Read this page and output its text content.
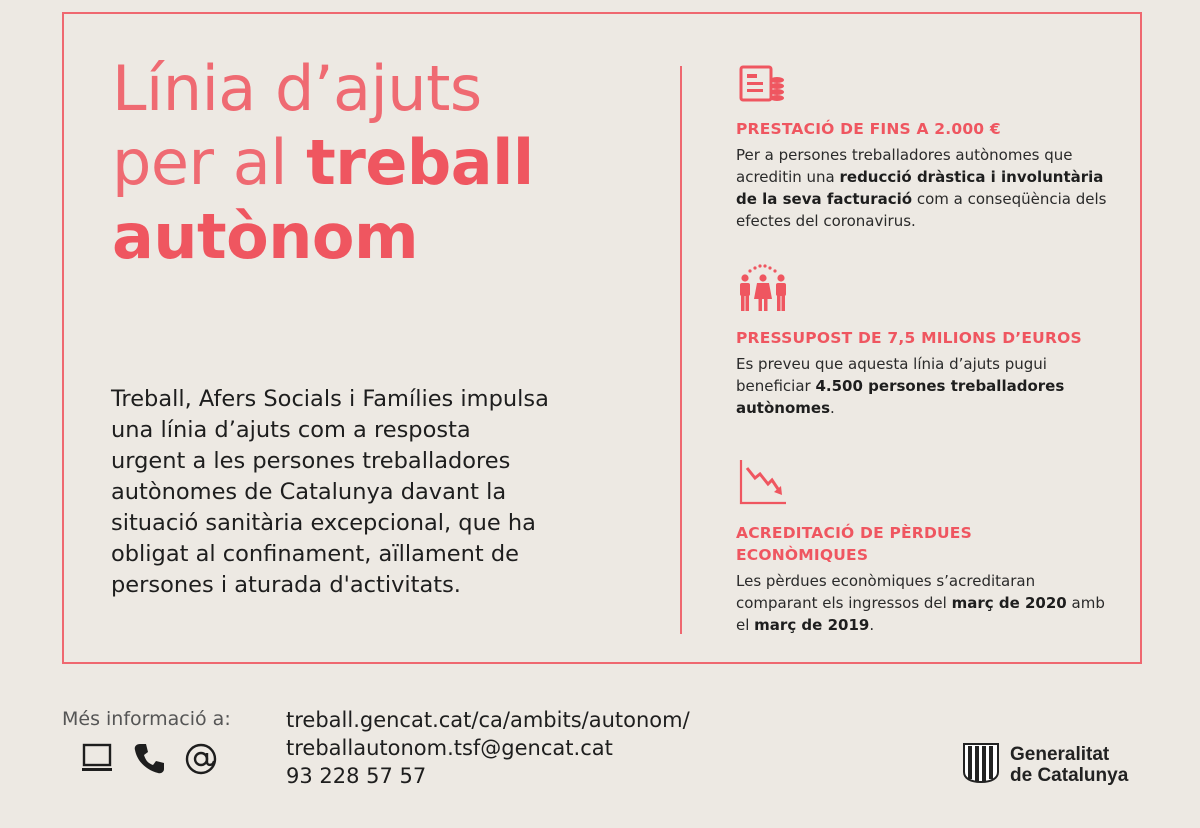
Línia d’ajuts
per al treball
autònom

Treball, Afers Socials i Famílies impulsa una línia d’ajuts com a resposta urgent a les persones treballadores autònomes de Catalunya davant la situació sanitària excepcional, que ha obligat al confinament, aïllament de persones i aturada d'activitats.

PRESTACIÓ DE FINS A 2.000 €

Per a persones treballadores autònomes que acreditin una reducció dràstica i involuntària de la seva facturació com a conseqüència dels efectes del coronavirus.

PRESSUPOST DE 7,5 MILIONS D’EUROS

Es preveu que aquesta línia d’ajuts pugui beneficiar 4.500 persones treballadores autònomes.

ACREDITACIÓ DE PÈRDUES
ECONÒMIQUES

Les pèrdues econòmiques s’acreditaran comparant els ingressos del març de 2020 amb el març de 2019.

Més informació a:	treball.gencat.cat/ca/ambits/autonom/
treballautonom.tsf@gencat.cat
93 228 57 57
Generalitat
de Catalunya
